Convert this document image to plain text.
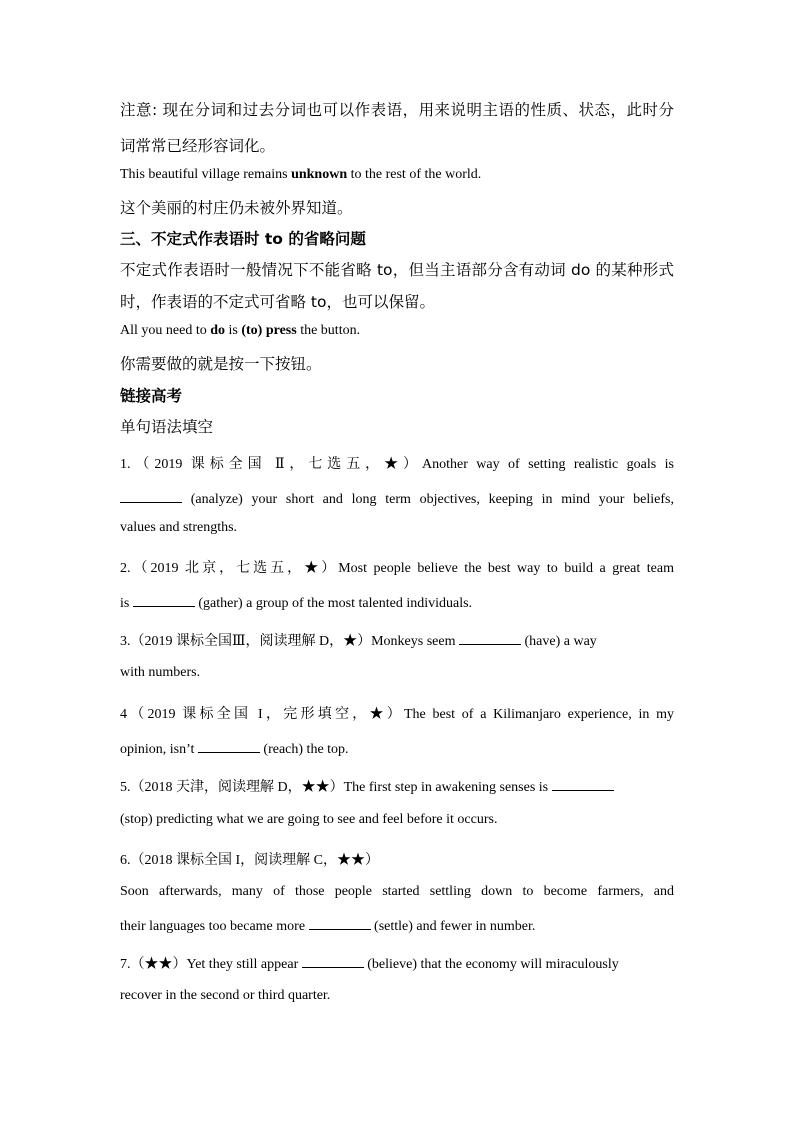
注意: 现在分词和过去分词也可以作表语，用来说明主语的性质、状态，此时分
词常常已经形容词化。
This beautiful village remains unknown to the rest of the world.
这个美丽的村庄仍未被外界知道。
三、不定式作表语时 to 的省略问题
不定式作表语时一般情况下不能省略 to，但当主语部分含有动词 do 的某种形式
时，作表语的不定式可省略 to，也可以保留。
All you need to do is (to) press the button.
你需要做的就是按一下按钮。
链接高考
单句语法填空
1.（2019 课标全国 Ⅱ，七选五，★）Another way of setting realistic goals is
(analyze) your short and long term objectives, keeping in mind your beliefs,
values and strengths.
2.（2019 北京，七选五，★）Most people believe the best way to build a great team
is	(gather) a group of the most talented individuals.
3.（2019 课标全国Ⅲ，阅读理解 D，★）Monkeys seem	(have) a way
with numbers.
4（2019 课标全国 I，完形填空，★）The best of a Kilimanjaro experience, in my
opinion, isn’t	(reach) the top.
5.（2018 天津，阅读理解 D，★★）The first step in awakening senses is
(stop) predicting what we are going to see and feel before it occurs.
6.（2018 课标全国 I，阅读理解 C，★★）
Soon afterwards, many of those people started settling down to become farmers, and
their languages too became more	(settle) and fewer in number.
7.（★★）Yet they still appear	(believe) that the economy will miraculously
recover in the second or third quarter.
